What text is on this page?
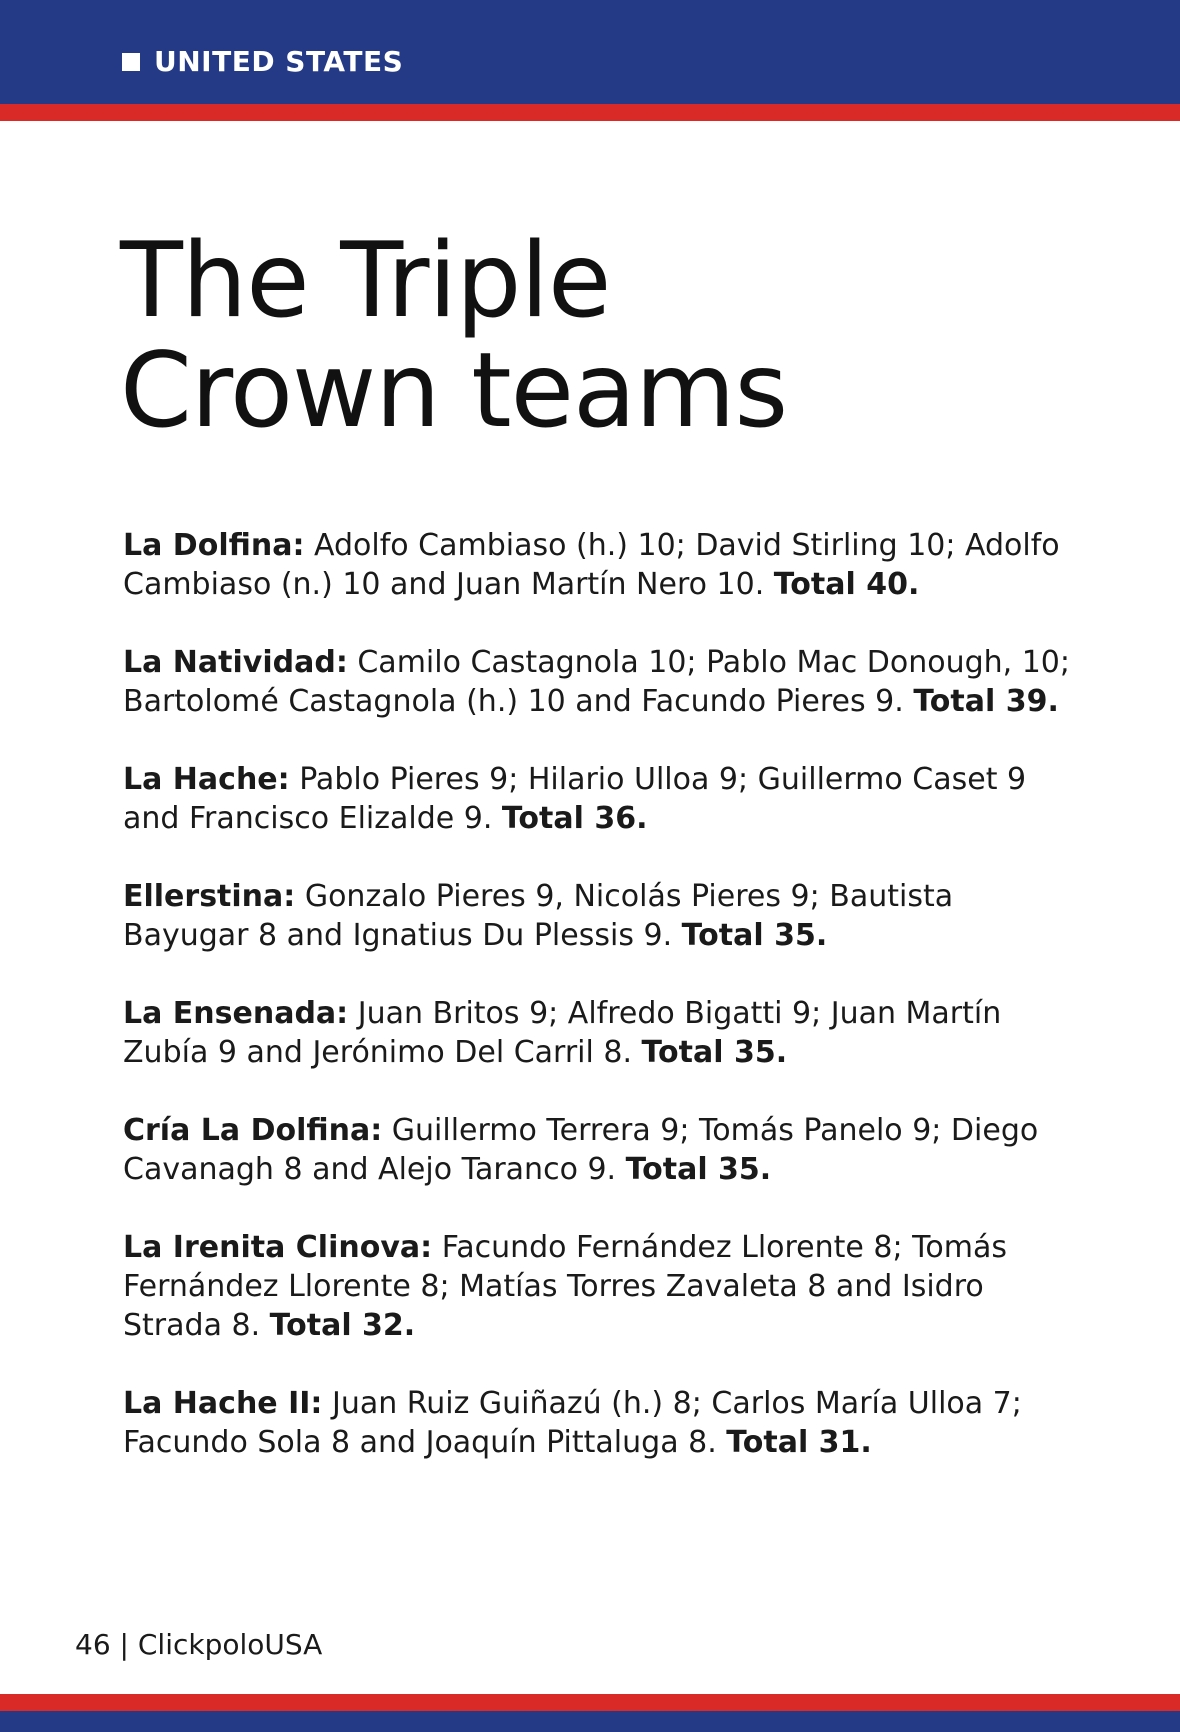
UNITED STATES
The Triple
Crown teams

La Dolfina: Adolfo Cambiaso (h.) 10; David Stirling 10; Adolfo Cambiaso (n.) 10 and Juan Martín Nero 10. Total 40.

La Natividad: Camilo Castagnola 10; Pablo Mac Donough, 10; Bartolomé Castagnola (h.) 10 and Facundo Pieres 9. Total 39.

La Hache: Pablo Pieres 9; Hilario Ulloa 9; Guillermo Caset 9 and Francisco Elizalde 9. Total 36.

Ellerstina: Gonzalo Pieres 9, Nicolás Pieres 9; Bautista Bayugar 8 and Ignatius Du Plessis 9. Total 35.

La Ensenada: Juan Britos 9; Alfredo Bigatti 9; Juan Martín Zubía 9 and Jerónimo Del Carril 8. Total 35.

Cría La Dolfina: Guillermo Terrera 9; Tomás Panelo 9; Diego Cavanagh 8 and Alejo Taranco 9. Total 35.

La Irenita Clinova: Facundo Fernández Llorente 8; Tomás Fernández Llorente 8; Matías Torres Zavaleta 8 and Isidro Strada 8. Total 32.

La Hache II: Juan Ruiz Guiñazú (h.) 8; Carlos María Ulloa 7; Facundo Sola 8 and Joaquín Pittaluga 8. Total 31.

46 | ClickpoloUSA
